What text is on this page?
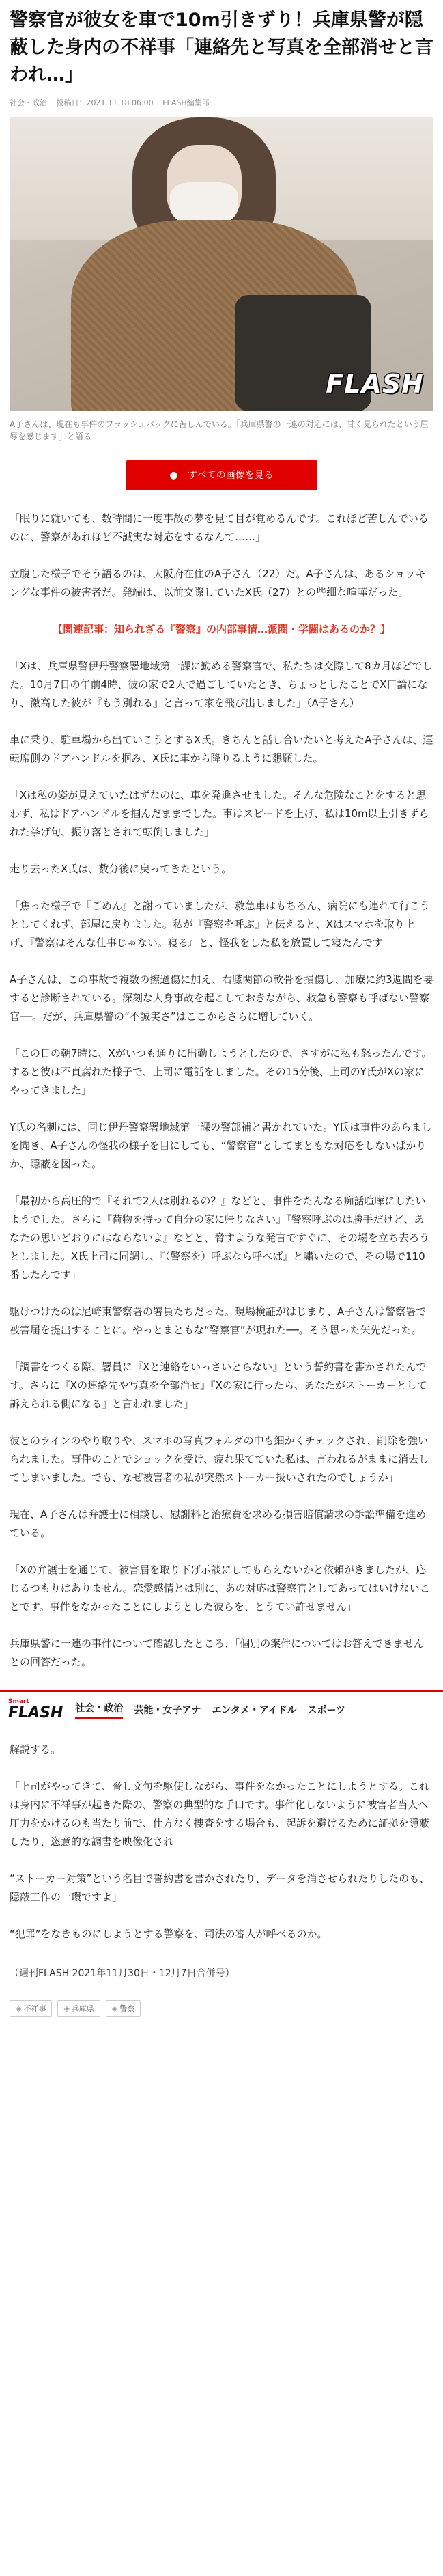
警察官が彼女を車で10m引きずり！兵庫県警が隠蔽した身内の不祥事「連絡先と写真を全部消せと言われ…」
社会・政治 投稿日：2021.11.18 06:00 FLASH編集部
FLASH

A子さんは、現在も事件のフラッシュバックに苦しんでいる。「兵庫県警の一連の対応には、甘く見られたという屈辱を感じます」と語る

● すべての画像を見る

「眠りに就いても、数時間に一度事故の夢を見て目が覚めるんです。これほど苦しんでいるのに、警察があれほど不誠実な対応をするなんて……」

立腹した様子でそう語るのは、大阪府在住のA子さん（22）だ。A子さんは、あるショッキングな事件の被害者だ。発端は、以前交際していたX氏（27）との些細な喧嘩だった。

【関連記事：知られざる『警察』の内部事情…派閥・学閥はあるのか？】

「Xは、兵庫県警伊丹警察署地域第一課に勤める警察官で、私たちは交際して8カ月ほどでした。10月7日の午前4時、彼の家で2人で過ごしていたとき、ちょっとしたことでX口論になり、激高した彼が『もう別れる』と言って家を飛び出しました」（A子さん）

車に乗り、駐車場から出ていこうとするX氏。きちんと話し合いたいと考えたA子さんは、運転席側のドアハンドルを掴み、X氏に車から降りるように懇願した。

「Xは私の姿が見えていたはずなのに、車を発進させました。そんな危険なことをすると思わず、私はドアハンドルを掴んだままでした。車はスピードを上げ、私は10m以上引きずられた挙げ句、振り落とされて転倒しました」

走り去ったX氏は、数分後に戻ってきたという。

「焦った様子で『ごめん』と謝っていましたが、救急車はもちろん、病院にも連れて行こうとしてくれず、部屋に戻りました。私が『警察を呼ぶ』と伝えると、Xはスマホを取り上げ、『警察はそんな仕事じゃない。寝る』と、怪我をした私を放置して寝たんです」

A子さんは、この事故で複数の擦過傷に加え、右膝関節の軟骨を損傷し、加療に約3週間を要すると診断されている。深刻な人身事故を起こしておきながら、救急も警察も呼ばない警察官──。だが、兵庫県警の“不誠実さ”はここからさらに増していく。

「この日の朝7時に、Xがいつも通りに出勤しようとしたので、さすがに私も怒ったんです。すると彼は不貞腐れた様子で、上司に電話をしました。その15分後、上司のY氏がXの家にやってきました」

Y氏の名刺には、同じ伊丹警察署地域第一課の警部補と書かれていた。Y氏は事件のあらましを聞き、A子さんの怪我の様子を目にしても、“警察官”としてまともな対応をしないばかりか、隠蔽を図った。

「最初から高圧的で『それで2人は別れるの？』などと、事件をたんなる痴話喧嘩にしたいようでした。さらに『荷物を持って自分の家に帰りなさい』『警察呼ぶのは勝手だけど、あなたの思いどおりにはならないよ』などと、脅すような発言ですぐに、その場を立ち去ろうとしました。X氏上司に同調し、『（警察を）呼ぶなら呼べば』と嘯いたので、その場で110番したんです」

駆けつけたのは尼崎東警察署の署員たちだった。現場検証がはじまり、A子さんは警察署で被害届を提出することに。やっとまともな“警察官”が現れた──。そう思った矢先だった。

「調書をつくる際、署員に『Xと連絡をいっさいとらない』という誓約書を書かされたんです。さらに『Xの連絡先や写真を全部消せ』『Xの家に行ったら、あなたがストーカーとして訴えられる側になる』と言われました」

彼とのラインのやり取りや、スマホの写真フォルダの中も細かくチェックされ、削除を強いられました。事件のことでショックを受け、疲れ果てていた私は、言われるがままに消去してしまいました。でも、なぜ被害者の私が突然ストーカー扱いされたのでしょうか」

現在、A子さんは弁護士に相談し、慰謝料と治療費を求める損害賠償請求の訴訟準備を進めている。

「Xの弁護士を通じて、被害届を取り下げ示談にしてもらえないかと依頼がきましたが、応じるつもりはありません。恋愛感情とは別に、あの対応は警察官としてあってはいけないことです。事件をなかったことにしようとした彼らを、とうてい許せません」

兵庫県警に一連の事件について確認したところ、「個別の案件についてはお答えできません」との回答だった。

Smart
FLASH 社会・政治 芸能・女子アナ エンタメ・アイドル スポーツ

解説する。

「上司がやってきて、脅し文句を駆使しながら、事件をなかったことにしようとする。これは身内に不祥事が起きた際の、警察の典型的な手口です。事件化しないように被害者当人へ圧力をかけるのも当たり前で、仕方なく捜査をする場合も、起訴を避けるために証拠を隠蔽したり、恣意的な調書を映像化され

“ストーカー対策”という名目で誓約書を書かされたり、データを消させられたりしたのも、隠蔽工作の一環ですよ」

“犯罪”をなきものにしようとする警察を、司法の審人が呼べるのか。

（週刊FLASH 2021年11月30日・12月7日合併号）

◈ 不祥事	◈ 兵庫県	◈ 警察
